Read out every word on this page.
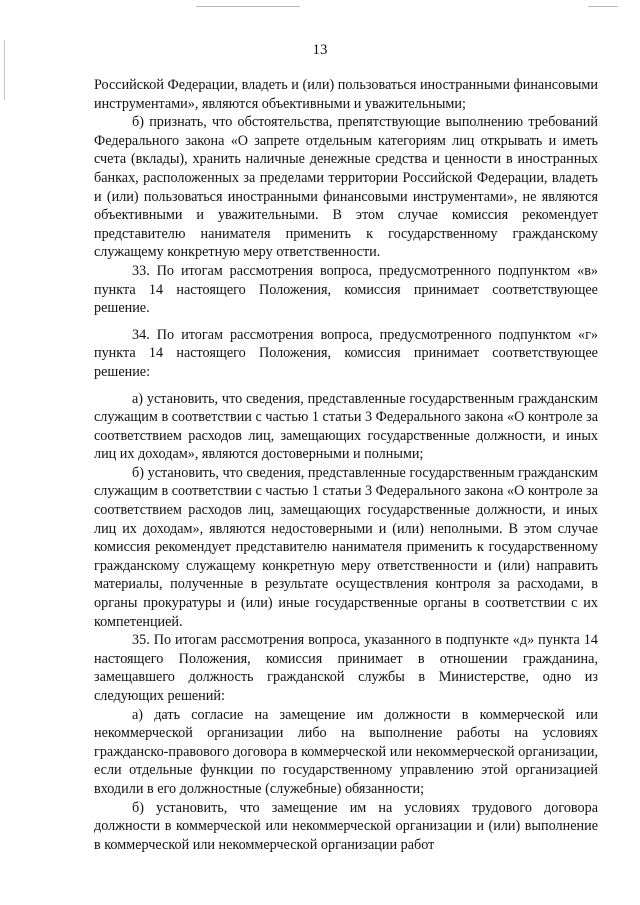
13

Российской Федерации, владеть и (или) пользоваться иностранными финансовыми инструментами», являются объективными и уважительными;

б) признать, что обстоятельства, препятствующие выполнению требований Федерального закона «О запрете отдельным категориям лиц открывать и иметь счета (вклады), хранить наличные денежные средства и ценности в иностранных банках, расположенных за пределами территории Российской Федерации, владеть и (или) пользоваться иностранными финансовыми инструментами», не являются объективными и уважительными. В этом случае комиссия рекомендует представителю нанимателя применить к государственному гражданскому служащему конкретную меру ответственности.

33. По итогам рассмотрения вопроса, предусмотренного подпунктом «в» пункта 14 настоящего Положения, комиссия принимает соответствующее решение.

34. По итогам рассмотрения вопроса, предусмотренного подпунктом «г» пункта 14 настоящего Положения, комиссия принимает соответствующее решение:

а) установить, что сведения, представленные государственным гражданским служащим в соответствии с частью 1 статьи 3 Федерального закона «О контроле за соответствием расходов лиц, замещающих государственные должности, и иных лиц их доходам», являются достоверными и полными;

б) установить, что сведения, представленные государственным гражданским служащим в соответствии с частью 1 статьи 3 Федерального закона «О контроле за соответствием расходов лиц, замещающих государственные должности, и иных лиц их доходам», являются недостоверными и (или) неполными. В этом случае комиссия рекомендует представителю нанимателя применить к государственному гражданскому служащему конкретную меру ответственности и (или) направить материалы, полученные в результате осуществления контроля за расходами, в органы прокуратуры и (или) иные государственные органы в соответствии с их компетенцией.

35. По итогам рассмотрения вопроса, указанного в подпункте «д» пункта 14 настоящего Положения, комиссия принимает в отношении гражданина, замещавшего должность гражданской службы в Министерстве, одно из следующих решений:

а) дать согласие на замещение им должности в коммерческой или некоммерческой организации либо на выполнение работы на условиях гражданско-правового договора в коммерческой или некоммерческой организации, если отдельные функции по государственному управлению этой организацией входили в его должностные (служебные) обязанности;

б) установить, что замещение им на условиях трудового договора должности в коммерческой или некоммерческой организации и (или) выполнение в коммерческой или некоммерческой организации работ
